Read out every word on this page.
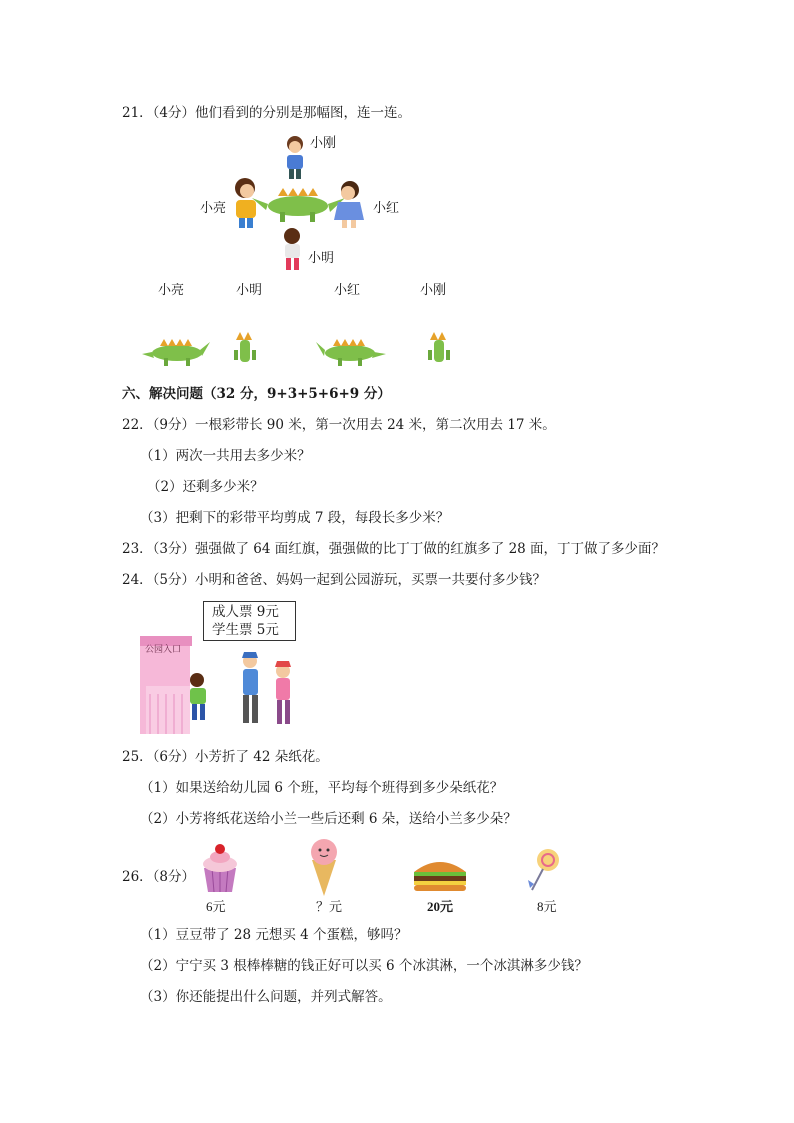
21．（4分）他们看到的分别是那幅图，连一连。
小刚
小亮	小红
小明
小亮	小明	小红	小刚
六、解决问题（32 分，9+3+5+6+9 分）
22．（9分）一根彩带长 90 米，第一次用去 24 米，第二次用去 17 米。
（1）两次一共用去多少米？
（2）还剩多少米？
（3）把剩下的彩带平均剪成 7 段，每段长多少米？
23．（3分）强强做了 64 面红旗，强强做的比丁丁做的红旗多了 28 面，丁丁做了多少面？
24．（5分）小明和爸爸、妈妈一起到公园游玩，买票一共要付多少钱？
成人票 9元
学生票 5元
公园入口
25．（6分）小芳折了 42 朵纸花。
（1）如果送给幼儿园 6 个班，平均每个班得到多少朵纸花？
（2）小芳将纸花送给小兰一些后还剩 6 朵，送给小兰多少朵？
26．（8分）
6元	？元	20元	8元
（1）豆豆带了 28 元想买 4 个蛋糕，够吗？
（2）宁宁买 3 根棒棒糖的钱正好可以买 6 个冰淇淋，一个冰淇淋多少钱？
（3）你还能提出什么问题，并列式解答。
